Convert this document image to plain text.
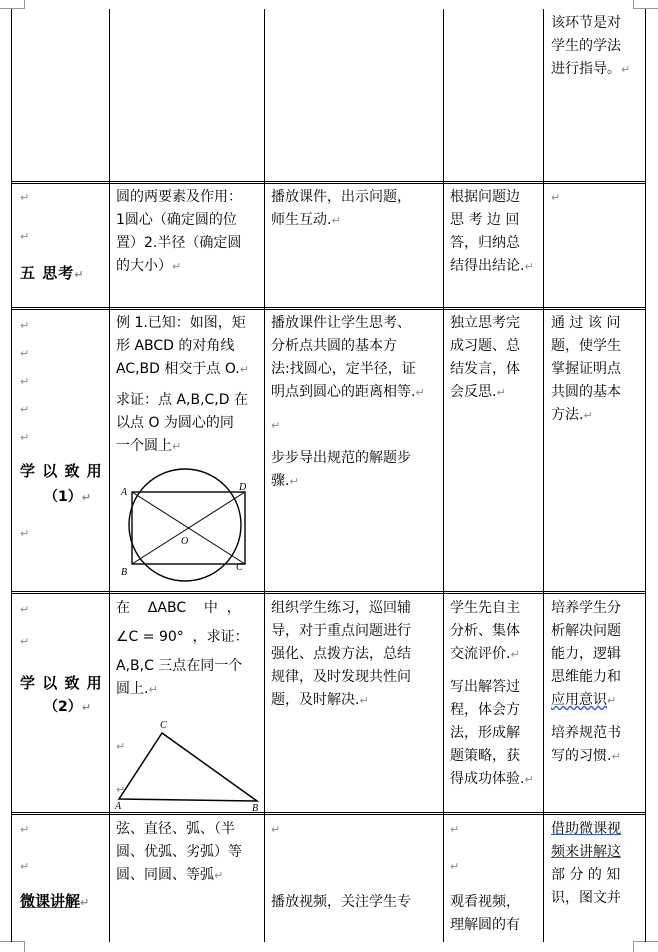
该环节是对
学生的学法
进行指导。↵
↵
↵
五 思考↵
圆的两要素及作用：
1圆心（确定圆的位
置）2.半径（确定圆
的大小）↵
播放课件，出示问题，
师生互动.↵
根据问题边
思 考 边 回
答，归纳总
结得出结论.↵
↵
↵
↵
↵
↵
↵
学 以 致 用
（1）↵
↵
例 1.已知：如图，矩
形 ABCD 的对角线
AC,BD 相交于点 O.↵
求证：点 A,B,C,D 在
以点 O 为圆心的同
一个圆上↵
A
B	C
D
O
播放课件让学生思考、
分析点共圆的基本方
法:找圆心，定半径，证
明点到圆心的距离相等.↵
↵
步步导出规范的解题步
骤.↵
独立思考完
成习题、总
结发言，体
会反思.↵
通 过 该 问
题，使学生
掌握证明点
共圆的基本
方法.↵
↵
↵
学 以 致 用
（2）↵
在    ΔABC    中  ，
∠C = 90°  ，求证：
A,B,C 三点在同一个
圆上.↵
↵
↵
C
A	B
组织学生练习，巡回辅
导，对于重点问题进行
强化、点拨方法，总结
规律，及时发现共性问
题，及时解决.↵
学生先自主
分析、集体
交流评价.↵
写出解答过
程，体会方
法，形成解
题策略，获
得成功体验.↵
培养学生分
析解决问题
能力，逻辑
思维能力和
应用意识↵
培养规范书
写的习惯.↵
↵
↵
微课讲解↵
弦、直径、弧、（半
圆、优弧、劣弧）等
圆、同圆、等弧↵
↵
播放视频，关注学生专
↵
↵
观看视频，
理解圆的有
借助微课视
频来讲解这
部 分 的 知
识，图文并
